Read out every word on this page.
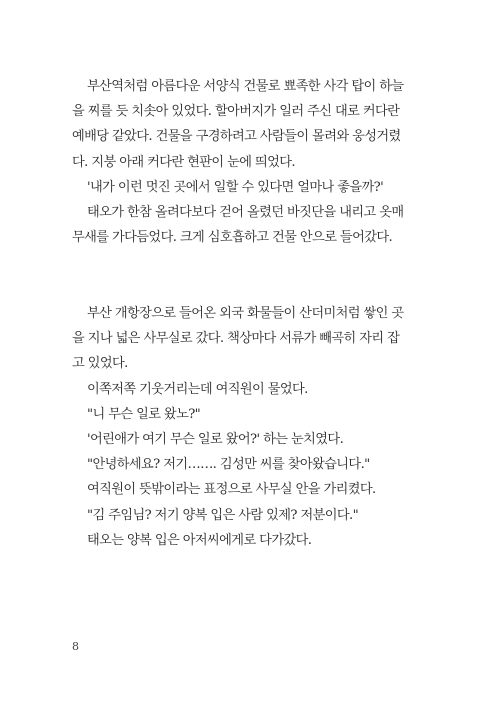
부산역처럼 아름다운 서양식 건물로 뾰족한 사각 탑이 하늘

을 찌를 듯 치솟아 있었다. 할아버지가 일러 주신 대로 커다란

예배당 같았다. 건물을 구경하려고 사람들이 몰려와 웅성거렸

다. 지붕 아래 커다란 현판이 눈에 띄었다.

'내가 이런 멋진 곳에서 일할 수 있다면 얼마나 좋을까?'

태오가 한참 올려다보다 걷어 올렸던 바짓단을 내리고 옷매

무새를 가다듬었다. 크게 심호흡하고 건물 안으로 들어갔다.

부산 개항장으로 들어온 외국 화물들이 산더미처럼 쌓인 곳

을 지나 넓은 사무실로 갔다. 책상마다 서류가 빼곡히 자리 잡

고 있었다.

이쪽저쪽 기웃거리는데 여직원이 물었다.

"니 무슨 일로 왔노?"

'어린애가 여기 무슨 일로 왔어?' 하는 눈치였다.

"안녕하세요? 저기……. 김성만 씨를 찾아왔습니다."

여직원이 뜻밖이라는 표정으로 사무실 안을 가리켰다.

"김 주임님? 저기 양복 입은 사람 있제? 저분이다."

태오는 양복 입은 아저씨에게로 다가갔다.

8
